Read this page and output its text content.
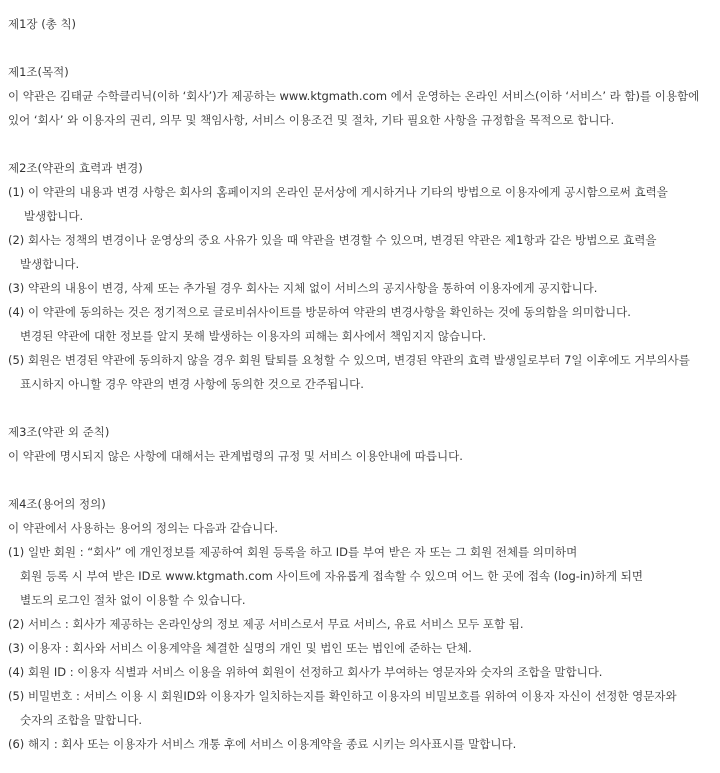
제1장 (총 칙)
제1조(목적)
이 약관은 김태균 수학클리닉(이하 ‘회사’)가 제공하는 www.ktgmath.com 에서 운영하는 온라인 서비스(이하 ‘서비스’ 라 함)를 이용함에
있어 ‘회사’ 와 이용자의 권리, 의무 및 책임사항, 서비스 이용조건 및 절차, 기타 필요한 사항을 규정함을 목적으로 합니다.
제2조(약관의 효력과 변경)
(1) 이 약관의 내용과 변경 사항은 회사의 홈페이지의 온라인 문서상에 게시하거나 기타의 방법으로 이용자에게 공시함으로써 효력을
발생합니다.
(2) 회사는 정책의 변경이나 운영상의 중요 사유가 있을 때 약관을 변경할 수 있으며, 변경된 약관은 제1항과 같은 방법으로 효력을
발생합니다.
(3) 약관의 내용이 변경, 삭제 또는 추가될 경우 회사는 지체 없이 서비스의 공지사항을 통하여 이용자에게 공지합니다.
(4) 이 약관에 동의하는 것은 정기적으로 글로비쉬사이트를 방문하여 약관의 변경사항을 확인하는 것에 동의함을 의미합니다.
변경된 약관에 대한 정보를 알지 못해 발생하는 이용자의 피해는 회사에서 책임지지 않습니다.
(5) 회원은 변경된 약관에 동의하지 않을 경우 회원 탈퇴를 요청할 수 있으며, 변경된 약관의 효력 발생일로부터 7일 이후에도 거부의사를
표시하지 아니할 경우 약관의 변경 사항에 동의한 것으로 간주됩니다.
제3조(약관 외 준칙)
이 약관에 명시되지 않은 사항에 대해서는 관계법령의 규정 및 서비스 이용안내에 따릅니다.
제4조(용어의 정의)
이 약관에서 사용하는 용어의 정의는 다음과 같습니다.
(1) 일반 회원 : “회사” 에 개인정보를 제공하여 회원 등록을 하고 ID를 부여 받은 자 또는 그 회원 전체를 의미하며
회원 등록 시 부여 받은 ID로 www.ktgmath.com 사이트에 자유롭게 접속할 수 있으며 어느 한 곳에 접속 (log-in)하게 되면
별도의 로그인 절차 없이 이용할 수 있습니다.
(2) 서비스 : 회사가 제공하는 온라인상의 정보 제공 서비스로서 무료 서비스, 유료 서비스 모두 포함 됨.
(3) 이용자 : 회사와 서비스 이용계약을 체결한 실명의 개인 및 법인 또는 법인에 준하는 단체.
(4) 회원 ID : 이용자 식별과 서비스 이용을 위하여 회원이 선정하고 회사가 부여하는 영문자와 숫자의 조합을 말합니다.
(5) 비밀번호 : 서비스 이용 시 회원ID와 이용자가 일치하는지를 확인하고 이용자의 비밀보호를 위하여 이용자 자신이 선정한 영문자와
숫자의 조합을 말합니다.
(6) 해지 : 회사 또는 이용자가 서비스 개통 후에 서비스 이용계약을 종료 시키는 의사표시를 말합니다.
